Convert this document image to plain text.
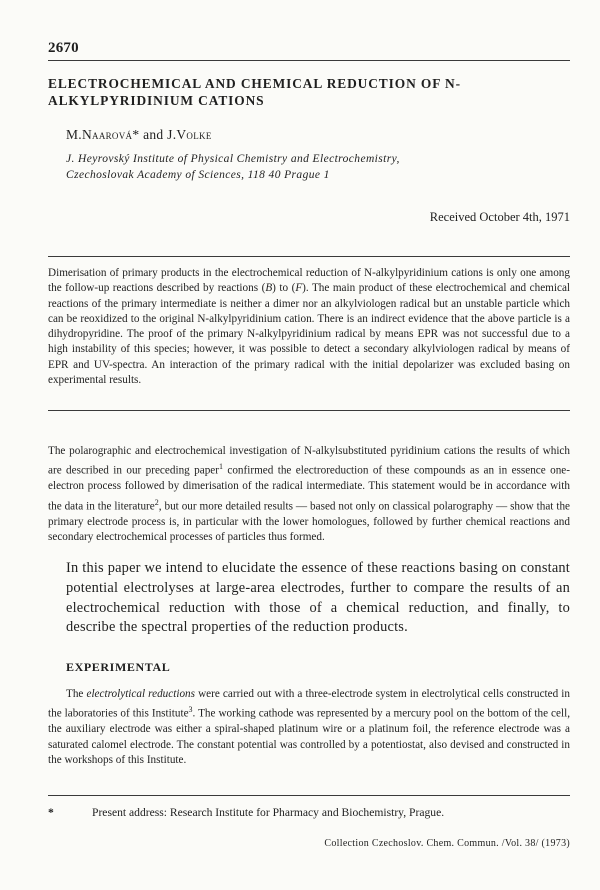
2670
ELECTROCHEMICAL AND CHEMICAL REDUCTION OF N-ALKYLPYRIDINIUM CATIONS
M.Naarová* and J.Volke
J. Heyrovský Institute of Physical Chemistry and Electrochemistry,
Czechoslovak Academy of Sciences, 118 40 Prague 1
Received October 4th, 1971

Dimerisation of primary products in the electrochemical reduction of N-alkylpyridinium cations is only one among the follow-up reactions described by reactions (B) to (F). The main product of these electrochemical and chemical reactions of the primary intermediate is neither a dimer nor an alkylviologen radical but an unstable particle which can be reoxidized to the original N-alkylpyridinium cation. There is an indirect evidence that the above particle is a dihydropyridine. The proof of the primary N-alkylpyridinium radical by means EPR was not successful due to a high instability of this species; however, it was possible to detect a secondary alkylviologen radical by means of EPR and UV-spectra. An interaction of the primary radical with the initial depolarizer was excluded basing on experimental results.

The polarographic and electrochemical investigation of N-alkylsubstituted pyridinium cations the results of which are described in our preceding paper$^1$ confirmed the electroreduction of these compounds as an in essence one-electron process followed by dimerisation of the radical intermediate. This statement would be in accordance with the data in the literature$^2$, but our more detailed results — based not only on classical polarography — show that the primary electrode process is, in particular with the lower homologues, followed by further chemical reactions and secondary electrochemical processes of particles thus formed.

In this paper we intend to elucidate the essence of these reactions basing on constant potential electrolyses at large-area electrodes, further to compare the results of an electrochemical reduction with those of a chemical reduction, and finally, to describe the spectral properties of the reduction products.

EXPERIMENTAL

The electrolytical reductions were carried out with a three-electrode system in electrolytical cells constructed in the laboratories of this Institute$^3$. The working cathode was represented by a mercury pool on the bottom of the cell, the auxiliary electrode was either a spiral-shaped platinum wire or a platinum foil, the reference electrode was a saturated calomel electrode. The constant potential was controlled by a potentiostat, also devised and constructed in the workshops of this Institute.

*	Present address: Research Institute for Pharmacy and Biochemistry, Prague.
Collection Czechoslov. Chem. Commun. /Vol. 38/ (1973)
